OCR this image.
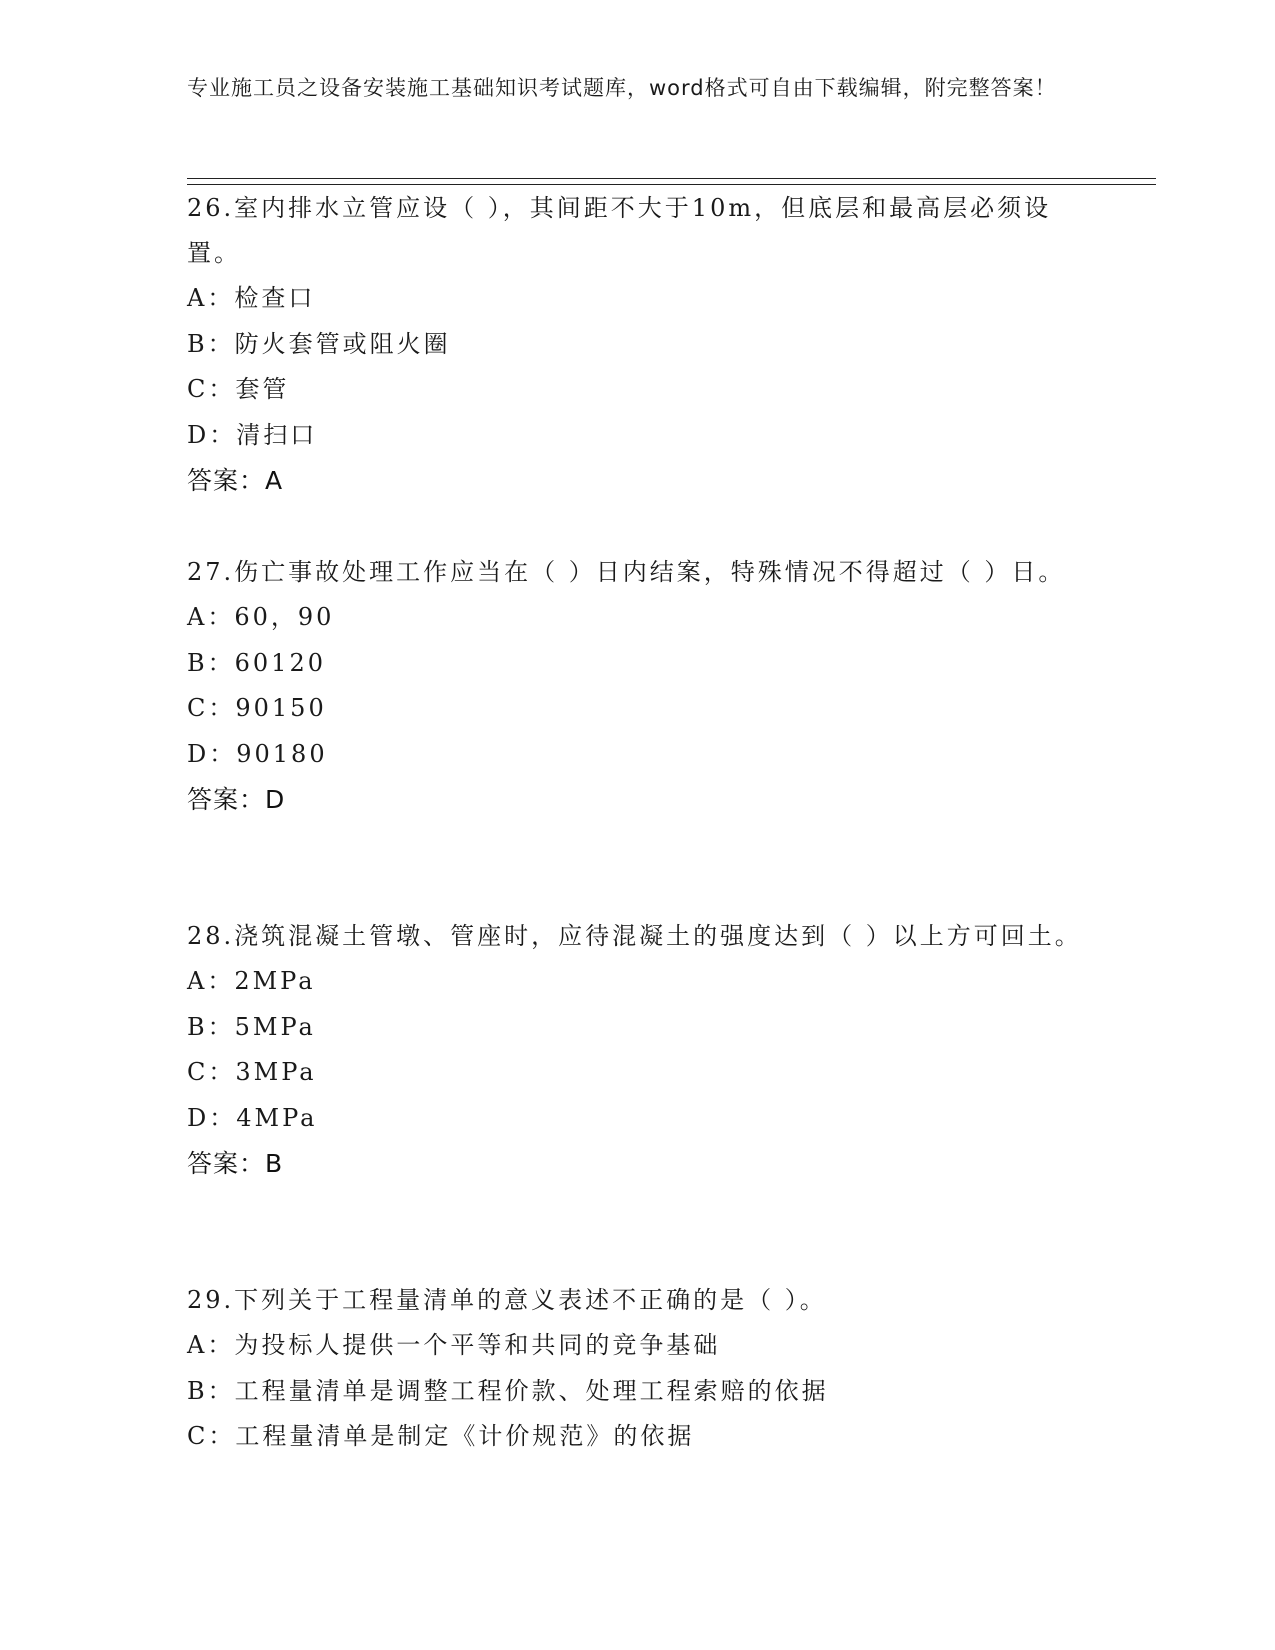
专业施工员之设备安装施工基础知识考试题库，word格式可自由下载编辑，附完整答案！

26.室内排水立管应设（ ），其间距不大于10m，但底层和最高层必须设置。

A：检查口

B：防火套管或阻火圈

C：套管

D：清扫口

答案：A

27.伤亡事故处理工作应当在（ ）日内结案，特殊情况不得超过（ ）日。

A：60，90

B：60120

C：90150

D：90180

答案：D

28.浇筑混凝土管墩、管座时，应待混凝土的强度达到（ ）以上方可回土。

A：2MPa

B：5MPa

C：3MPa

D：4MPa

答案：B

29.下列关于工程量清单的意义表述不正确的是（ ）。

A：为投标人提供一个平等和共同的竞争基础

B：工程量清单是调整工程价款、处理工程索赔的依据

C：工程量清单是制定《计价规范》的依据
